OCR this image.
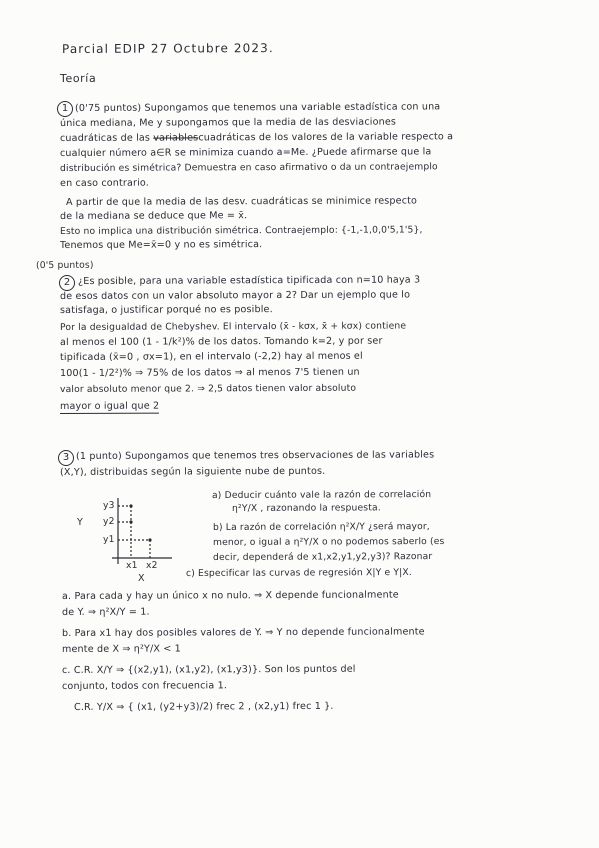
Parcial EDIP 27 Octubre 2023.
Teoría
1 (0'75 puntos) Supongamos que tenemos una variable estadística con una
única mediana, Me y supongamos que la media de las desviaciones
cuadráticas de las variablescuadráticas de los valores de la variable respecto a
cualquier número a∈R se minimiza cuando a=Me. ¿Puede afirmarse que la
distribución es simétrica? Demuestra en caso afirmativo o da un contraejemplo
en caso contrario.
A partir de que la media de las desv. cuadráticas se minimice respecto
de la mediana se deduce que Me = x̄.
Esto no implica una distribución simétrica. Contraejemplo: {-1,-1,0,0'5,1'5},
Tenemos que Me=x̄=0 y no es simétrica.
(0'5 puntos)
2 ¿Es posible, para una variable estadística tipificada con n=10 haya 3
de esos datos con un valor absoluto mayor a 2? Dar un ejemplo que lo
satisfaga, o justificar porqué no es posible.
Por la desigualdad de Chebyshev. El intervalo (x̄ - kσx, x̄ + kσx) contiene
al menos el 100 (1 - 1/k²)% de los datos. Tomando k=2, y por ser
tipificada (x̄=0 , σx=1), en el intervalo (-2,2) hay al menos el
100(1 - 1/2²)% ⇒ 75% de los datos ⇒ al menos 7'5 tienen un
valor absoluto menor que 2. ⇒ 2,5 datos tienen valor absoluto
mayor o igual que 2
3 (1 punto) Supongamos que tenemos tres observaciones de las variables
(X,Y), distribuidas según la siguiente nube de puntos.
y3
y2
y1
Y
x1 x2
X
a) Deducir cuánto vale la razón de correlación
η²Y/X , razonando la respuesta.
b) La razón de correlación η²X/Y ¿será mayor,
menor, o igual a η²Y/X o no podemos saberlo (es
decir, dependerá de x1,x2,y1,y2,y3)? Razonar
c) Especificar las curvas de regresión X|Y e Y|X.
a. Para cada y hay un único x no nulo. ⇒ X depende funcionalmente
de Y. ⇒ η²X/Y = 1.
b. Para x1 hay dos posibles valores de Y. ⇒ Y no depende funcionalmente
mente de X ⇒ η²Y/X < 1
c. C.R. X/Y ⇒ {(x2,y1), (x1,y2), (x1,y3)}. Son los puntos del
conjunto, todos con frecuencia 1.
C.R. Y/X ⇒ { (x1, (y2+y3)/2) frec 2 , (x2,y1) frec 1 }.
